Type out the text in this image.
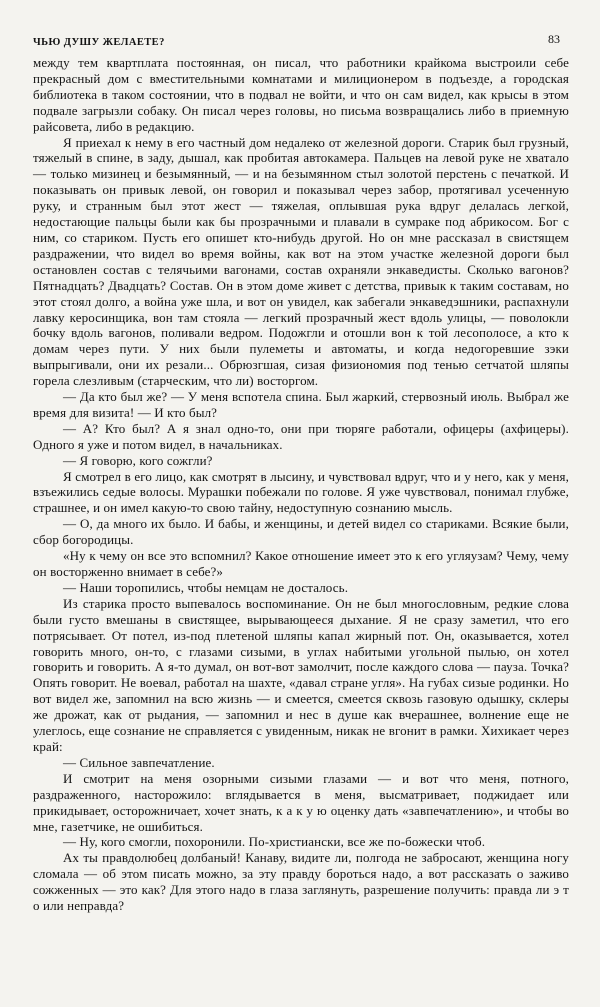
ЧЬЮ ДУШУ ЖЕЛАЕТЕ?	83

между тем квартплата постоянная, он писал, что работники крайкома выстроили себе прекрасный дом с вместительными комнатами и милиционером в подъезде, а городская библиотека в таком состоянии, что в подвал не войти, и что он сам видел, как крысы в этом подвале загрызли собаку. Он писал через головы, но письма возвращались либо в приемную райсовета, либо в редакцию.

Я приехал к нему в его частный дом недалеко от железной дороги. Старик был грузный, тяжелый в спине, в заду, дышал, как пробитая автокамера. Пальцев на левой руке не хватало — только мизинец и безымянный, — и на безымянном стыл золотой перстень с печаткой. И показывать он привык левой, он говорил и показывал через забор, протягивал усеченную руку, и странным был этот жест — тяжелая, оплывшая рука вдруг делалась легкой, недостающие пальцы были как бы прозрачными и плавали в сумраке под абрикосом. Бог с ним, со стариком. Пусть его опишет кто-нибудь другой. Но он мне рассказал в свистящем раздражении, что видел во время войны, как вот на этом участке железной дороги был остановлен состав с телячьими вагонами, состав охраняли энкаведисты. Сколько вагонов? Пятнадцать? Двадцать? Состав. Он в этом доме живет с детства, привык к таким составам, но этот стоял долго, а война уже шла, и вот он увидел, как забегали энкаведэшники, распахнули лавку керосинщика, вон там стояла — легкий прозрачный жест вдоль улицы, — поволокли бочку вдоль вагонов, поливали ведром. Подожгли и отошли вон к той лесополосе, а кто к домам через пути. У них были пулеметы и автоматы, и когда недогоревшие зэки выпрыгивали, они их резали... Обрюзгшая, сизая физиономия под тенью сетчатой шляпы горела слезливым (старческим, что ли) восторгом.

— Да кто был же? — У меня вспотела спина. Был жаркий, стервозный июль. Выбрал же время для визита! — И кто был?

— А? Кто был? А я знал одно-то, они при тюряге работали, офицеры (ахфицеры). Одного я уже и потом видел, в начальниках.

— Я говорю, кого сожгли?

Я смотрел в его лицо, как смотрят в лысину, и чувствовал вдруг, что и у него, как у меня, взъежились седые волосы. Мурашки побежали по голове. Я уже чувствовал, понимал глубже, страшнее, и он имел какую-то свою тайну, недоступную сознанию мысль.

— О, да много их было. И бабы, и женщины, и детей видел со стариками. Всякие были, сбор богородицы.

«Ну к чему он все это вспомнил? Какое отношение имеет это к его угляузам? Чему, чему он восторженно внимает в себе?»

— Наши торопились, чтобы немцам не досталось.

Из старика просто выпевалось воспоминание. Он не был многословным, редкие слова были густо вмешаны в свистящее, вырывающееся дыхание. Я не сразу заметил, что его потрясывает. От потел, из-под плетеной шляпы капал жирный пот. Он, оказывается, хотел говорить много, он-то, с глазами сизыми, в углах набитыми угольной пылью, он хотел говорить и говорить. А я-то думал, он вот-вот замолчит, после каждого слова — пауза. Точка? Опять говорит. Не воевал, работал на шахте, «давал стране угля». На губах сизые родинки. Но вот видел же, запомнил на всю жизнь — и смеется, смеется сквозь газовую одышку, склеры же дрожат, как от рыдания, — запомнил и нес в душе как вчерашнее, волнение еще не улеглось, еще сознание не справляется с увиденным, никак не вгонит в рамки. Хихикает через край:

— Сильное завпечатление.

И смотрит на меня озорными сизыми глазами — и вот что меня, потного, раздраженного, насторожило: вглядывается в меня, высматривает, поджидает или прикидывает, осторожничает, хочет знать, к а к у ю оценку дать «завпечатлению», и чтобы во мне, газетчике, не ошибиться.

— Ну, кого смогли, похоронили. По-христиански, все же по-божески чтоб.

Ах ты правдолюбец долбаный! Канаву, видите ли, полгода не забросают, женщина ногу сломала — об этом писать можно, за эту правду бороться надо, а вот рассказать о заживо сожженных — это как? Для этого надо в глаза заглянуть, разрешение получить: правда ли э т о или неправда?
